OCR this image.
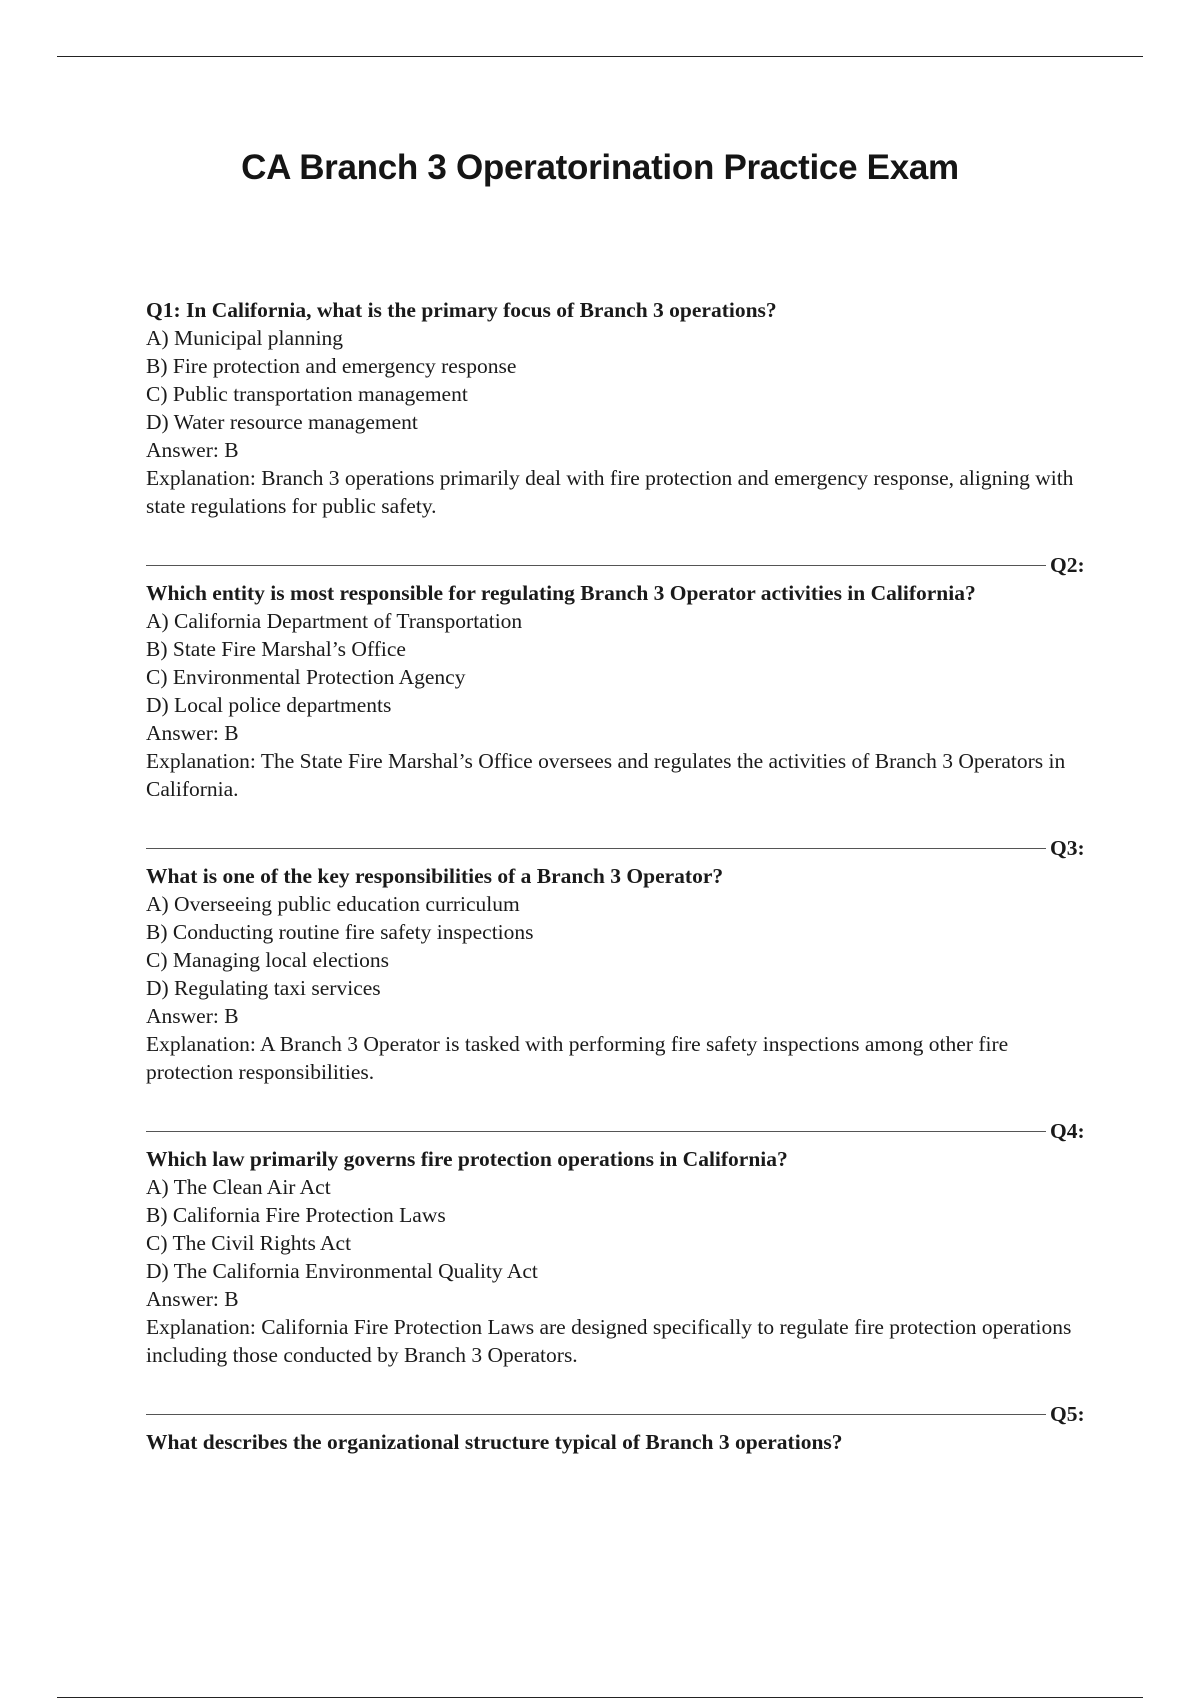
CA Branch 3 Operatorination Practice Exam
Q1: In California, what is the primary focus of Branch 3 operations?
A) Municipal planning
B) Fire protection and emergency response
C) Public transportation management
D) Water resource management
Answer: B
Explanation: Branch 3 operations primarily deal with fire protection and emergency response, aligning with state regulations for public safety.
Q2:
Which entity is most responsible for regulating Branch 3 Operator activities in California?
A) California Department of Transportation
B) State Fire Marshal’s Office
C) Environmental Protection Agency
D) Local police departments
Answer: B
Explanation: The State Fire Marshal’s Office oversees and regulates the activities of Branch 3 Operators in California.
Q3:
What is one of the key responsibilities of a Branch 3 Operator?
A) Overseeing public education curriculum
B) Conducting routine fire safety inspections
C) Managing local elections
D) Regulating taxi services
Answer: B
Explanation: A Branch 3 Operator is tasked with performing fire safety inspections among other fire protection responsibilities.
Q4:
Which law primarily governs fire protection operations in California?
A) The Clean Air Act
B) California Fire Protection Laws
C) The Civil Rights Act
D) The California Environmental Quality Act
Answer: B
Explanation: California Fire Protection Laws are designed specifically to regulate fire protection operations including those conducted by Branch 3 Operators.
Q5:
What describes the organizational structure typical of Branch 3 operations?
